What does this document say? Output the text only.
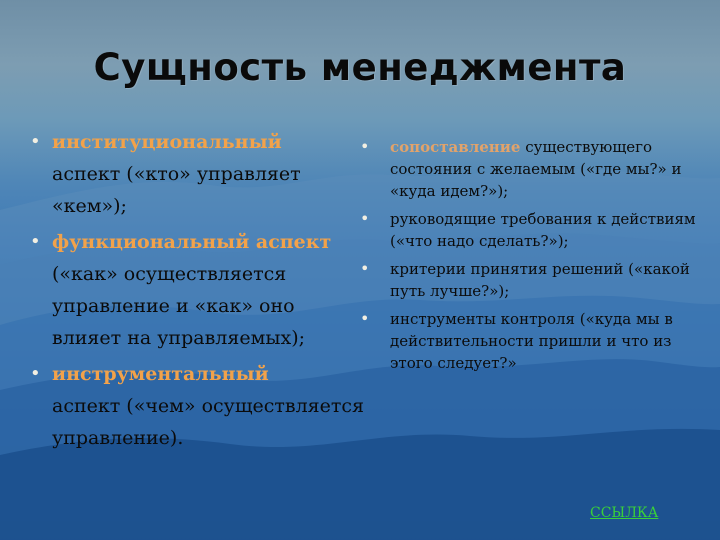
Сущность менеджмента
• институциональный
аспект («кто» управляет «кем»);
• функциональный аспект («как» осуществляется управление и «как» оно влияет на управляемых);
• инструментальный
аспект («чем» осуществляется управление).
• сопоставление существующего состояния с желаемым («где мы?» и «куда идем?»);
• руководящие требования к действиям («что надо сделать?»);
• критерии принятия решений («какой путь лучше?»);
• инструменты контроля («куда мы в действительности пришли и что из этого следует?»
ССЫЛКА
